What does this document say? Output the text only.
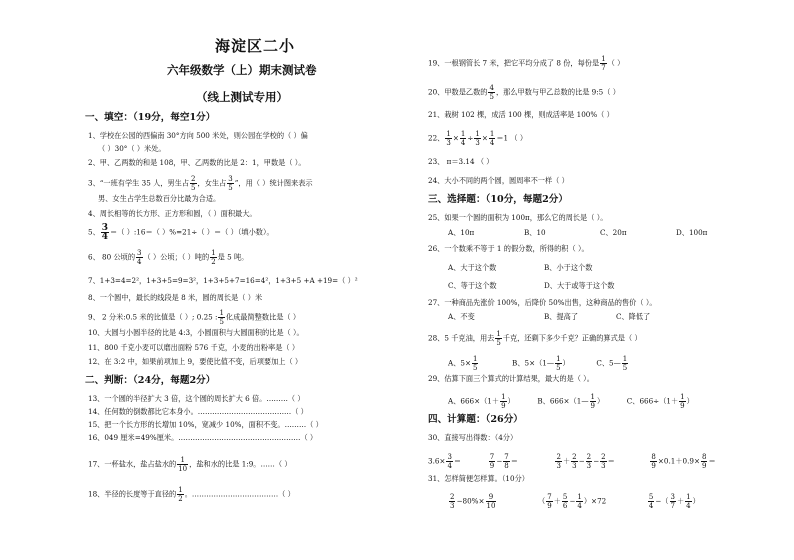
海淀区二小
六年级数学（上）期末测试卷
（线上测试专用）
一、填空：（19分，每空1分）
1、学校在公园的西偏南 30°方向 500 米处，则公园在学校的（ ）偏
（ ）30°（ ）米处。
2、甲、乙两数的和是 108，甲、乙两数的比是 2：1，甲数是（ ）。
3、“一班有学生 35 人，男生占 $\frac{2}{5}$ ，女生占 $\frac{3}{5}$ ”，用（ ）统计图来表示
男、女生占学生总数百分比最为合适。
4、周长相等的长方形、正方形和圆，（ ）面积最大。
5、 $\frac{3}{4}$ ＝（ ）:16＝（ ）%=21÷（ ）＝（ ）（填小数）。
6、 80 公顷的 $\frac{3}{4}$ （ ）公顷；（ ）吨的 $\frac{1}{2}$ 是 5 吨。
7、1+3=4=2²，1+3+5=9=3²，1+3+5+7=16=4²，1+3+5 +A +19=（ ）²
8、一个圆中，最长的线段是 8 米，圆的周长是（ ）米
9、 2 分米:0.5 米的比值是（ ）; 0.25 : $\frac{1}{5}$ 化成最简整数比是（ ）
10、大圆与小圆半径的比是 4:3，小圆面积与大圆面积的比是（ ）。
11、800 千克小麦可以磨出面粉 576 千克，小麦的出粉率是（ ）
12、在 3:2 中，如果前项加上 9，要使比值不变，后项要加上（ ）
二、判断：（24分，每题2分）
13、一个圆的半径扩大 3 倍，这个圆的周长扩大 6 倍。………（ ）
14、任何数的倒数都比它本身小。…………………………………（ ）
15、把一个长方形的长增加 10%，宽减少 10%，面积不变。………（ ）
16、049 厘米=49%厘米。……………………………………………（ ）
17、一杯盐水，盐占盐水的 $\frac{1}{10}$ ，盐和水的比是 1:9。……（ ）
18、半径的长度等于直径的 $\frac{1}{2}$ 。………………………………（ ）
19、一根钢管长 7 米，把它平均分成了 8 份，每份是 $\frac{1}{7}$ （ ）
20、甲数是乙数的 $\frac{4}{5}$ ，那么甲数与甲乙总数的比是 9:5（ ）
21、栽树 102 棵，成活 100 棵，则成活率是 100%（ ）
22、 $\frac{1}{3} \times \frac{1}{4} \div \frac{1}{3} \times \frac{1}{4} =1$ （ ）
23、 π＝3.14 （ ）
24、大小不同的两个圆，圆周率不一样（ ）
三、选择题：（10分，每题2分）
25、如果一个圆的面积为 100π，那么它的周长是（ ）。
A、10π	B、10	C、20π	D、100π
26、一个数乘不等于 1 的假分数，所得的积（ ）。
A、大于这个数	B、小于这个数
C、等于这个数	D、大于或等于这个数
27、一种商品先涨价 100%，后降价 50%出售，这种商品的售价（ ）。
A、不变	B、提高了	C、降低了
28、5 千克油，用去 $\frac{1}{5}$ 千克，还剩下多少千克？正确的算式是（ ）
A、$5\times \frac{1}{5}$	B、5×（1— $\frac{1}{5}$ ）	C、5— $\frac{1}{5}$
29、估算下面三个算式的计算结果，最大的是（ ）。
A、$666\times(1+ \frac{1}{9}$ ）	B、666×（1— $\frac{1}{9}$ ）	C、$666\div(1+ \frac{1}{9}$ ）
四、计算题：（26分）
30、直接写出得数：（4分）
$3.6\times \frac{3}{4}$ ＝	$\frac{7}{9} - \frac{7}{8}$ ＝	$\frac{2}{3} + \frac{2}{3} - \frac{2}{3} - \frac{2}{3}$ ＝	$\frac{8}{9} \times 0.1+0.9\times \frac{8}{9}$ ＝
31、怎样简便怎样算。（10分）
$\frac{2}{3} -80\%\times \frac{9}{10}$	（ $\frac{7}{9} + \frac{5}{6} - \frac{1}{4} )\times 72$	$\frac{5}{4}$ −（ $\frac{3}{7} + \frac{1}{4}$ ）
